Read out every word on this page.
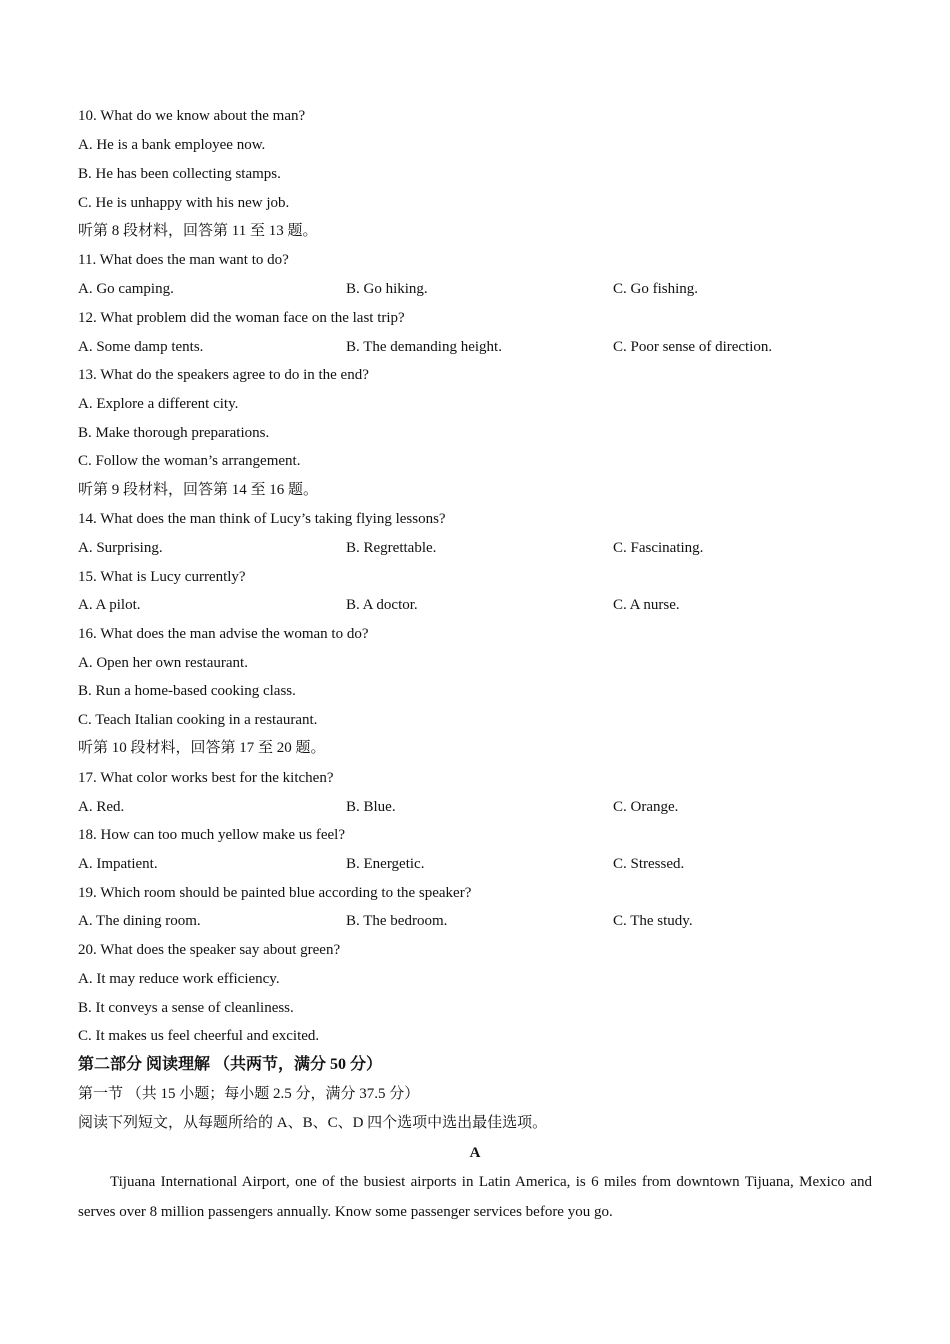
10. What do we know about the man?
A. He is a bank employee now.
B. He has been collecting stamps.
C. He is unhappy with his new job.
听第 8 段材料，回答第 11 至 13 题。
11. What does the man want to do?
A. Go camping.	B. Go hiking.	C. Go fishing.
12. What problem did the woman face on the last trip?
A. Some damp tents.	B. The demanding height.	C. Poor sense of direction.
13. What do the speakers agree to do in the end?
A. Explore a different city.
B. Make thorough preparations.
C. Follow the woman’s arrangement.
听第 9 段材料，回答第 14 至 16 题。
14. What does the man think of Lucy’s taking flying lessons?
A. Surprising.	B. Regrettable.	C. Fascinating.
15. What is Lucy currently?
A. A pilot.	B. A doctor.	C. A nurse.
16. What does the man advise the woman to do?
A. Open her own restaurant.
B. Run a home-based cooking class.
C. Teach Italian cooking in a restaurant.
听第 10 段材料，回答第 17 至 20 题。
17. What color works best for the kitchen?
A. Red.	B. Blue.	C. Orange.
18. How can too much yellow make us feel?
A. Impatient.	B. Energetic.	C. Stressed.
19. Which room should be painted blue according to the speaker?
A. The dining room.	B. The bedroom.	C. The study.
20. What does the speaker say about green?
A. It may reduce work efficiency.
B. It conveys a sense of cleanliness.
C. It makes us feel cheerful and excited.
第二部分 阅读理解 （共两节，满分 50 分）
第一节 （共 15 小题；每小题 2.5 分，满分 37.5 分）
阅读下列短文，从每题所给的 A、B、C、D 四个选项中选出最佳选项。
A
Tijuana International Airport, one of the busiest airports in Latin America, is 6 miles from downtown Tijuana, Mexico and serves over 8 million passengers annually. Know some passenger services before you go.
